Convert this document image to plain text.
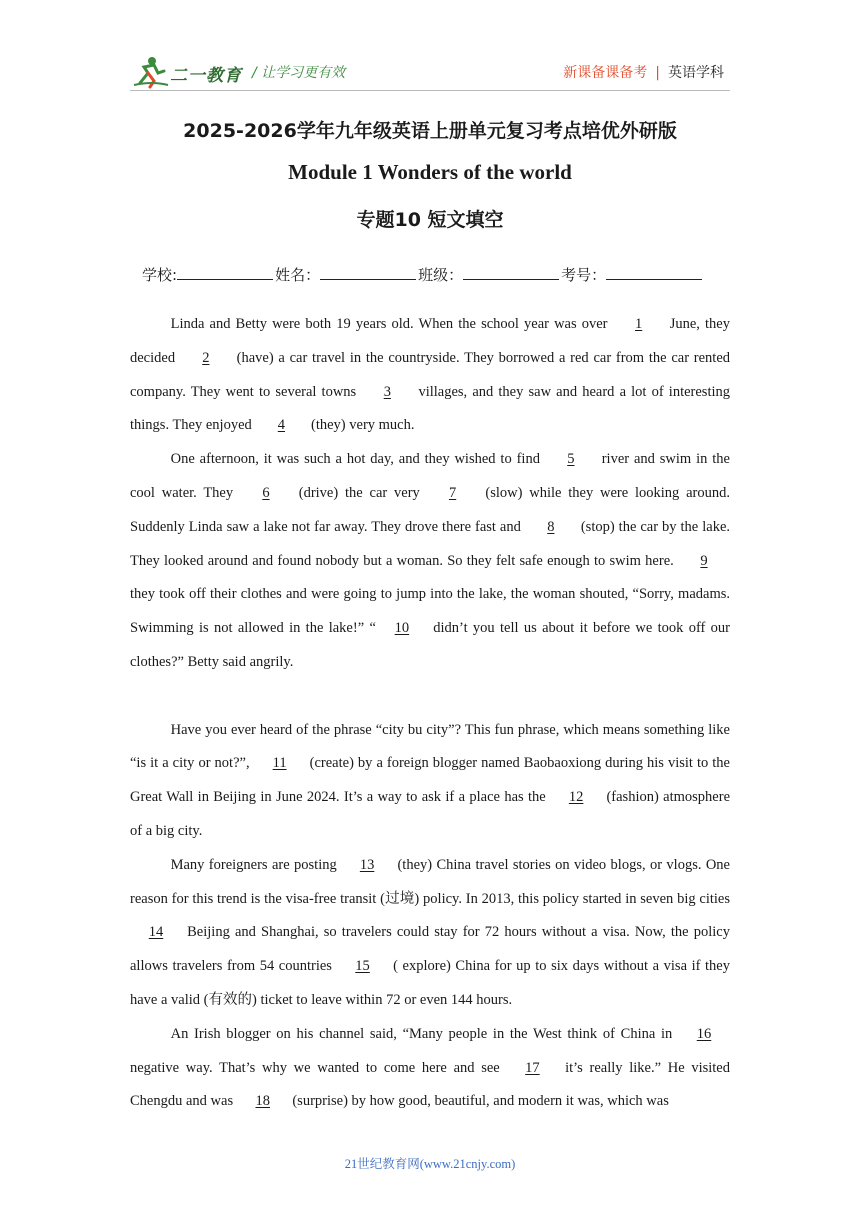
二一教育 / 让学习更有效	新课备课备考 | 英语学科
2025-2026学年九年级英语上册单元复习考点培优外研版
Module 1 Wonders of the world
专题10 短文填空
学校:	姓名：	班级：	考号：

Linda and Betty were both 19 years old. When the school year was over 1 June, they decided 2 (have) a car travel in the countryside. They borrowed a red car from the car rented company. They went to several towns 3 villages, and they saw and heard a lot of interesting things. They enjoyed 4 (they) very much.

One afternoon, it was such a hot day, and they wished to find 5 river and swim in the cool water. They 6 (drive) the car very 7 (slow) while they were looking around. Suddenly Linda saw a lake not far away. They drove there fast and 8 (stop) the car by the lake. They looked around and found nobody but a woman. So they felt safe enough to swim here. 9 they took off their clothes and were going to jump into the lake, the woman shouted, “Sorry, madams. Swimming is not allowed in the lake!” “ 10 didn’t you tell us about it before we took off our clothes?” Betty said angrily.

Have you ever heard of the phrase “city bu city”? This fun phrase, which means something like “is it a city or not?”, 11 (create) by a foreign blogger named Baobaoxiong during his visit to the Great Wall in Beijing in June 2024. It’s a way to ask if a place has the 12 (fashion) atmosphere of a big city.

Many foreigners are posting 13 (they) China travel stories on video blogs, or vlogs. One reason for this trend is the visa-free transit (过境) policy. In 2013, this policy started in seven big cities 14 Beijing and Shanghai, so travelers could stay for 72 hours without a visa. Now, the policy allows travelers from 54 countries 15 ( explore) China for up to six days without a visa if they have a valid (有效的) ticket to leave within 72 or even 144 hours.

An Irish blogger on his channel said, “Many people in the West think of China in 16 negative way. That’s why we wanted to come here and see 17 it’s really like.” He visited Chengdu and was 18 (surprise) by how good, beautiful, and modern it was, which was

21世纪教育网(www.21cnjy.com)
